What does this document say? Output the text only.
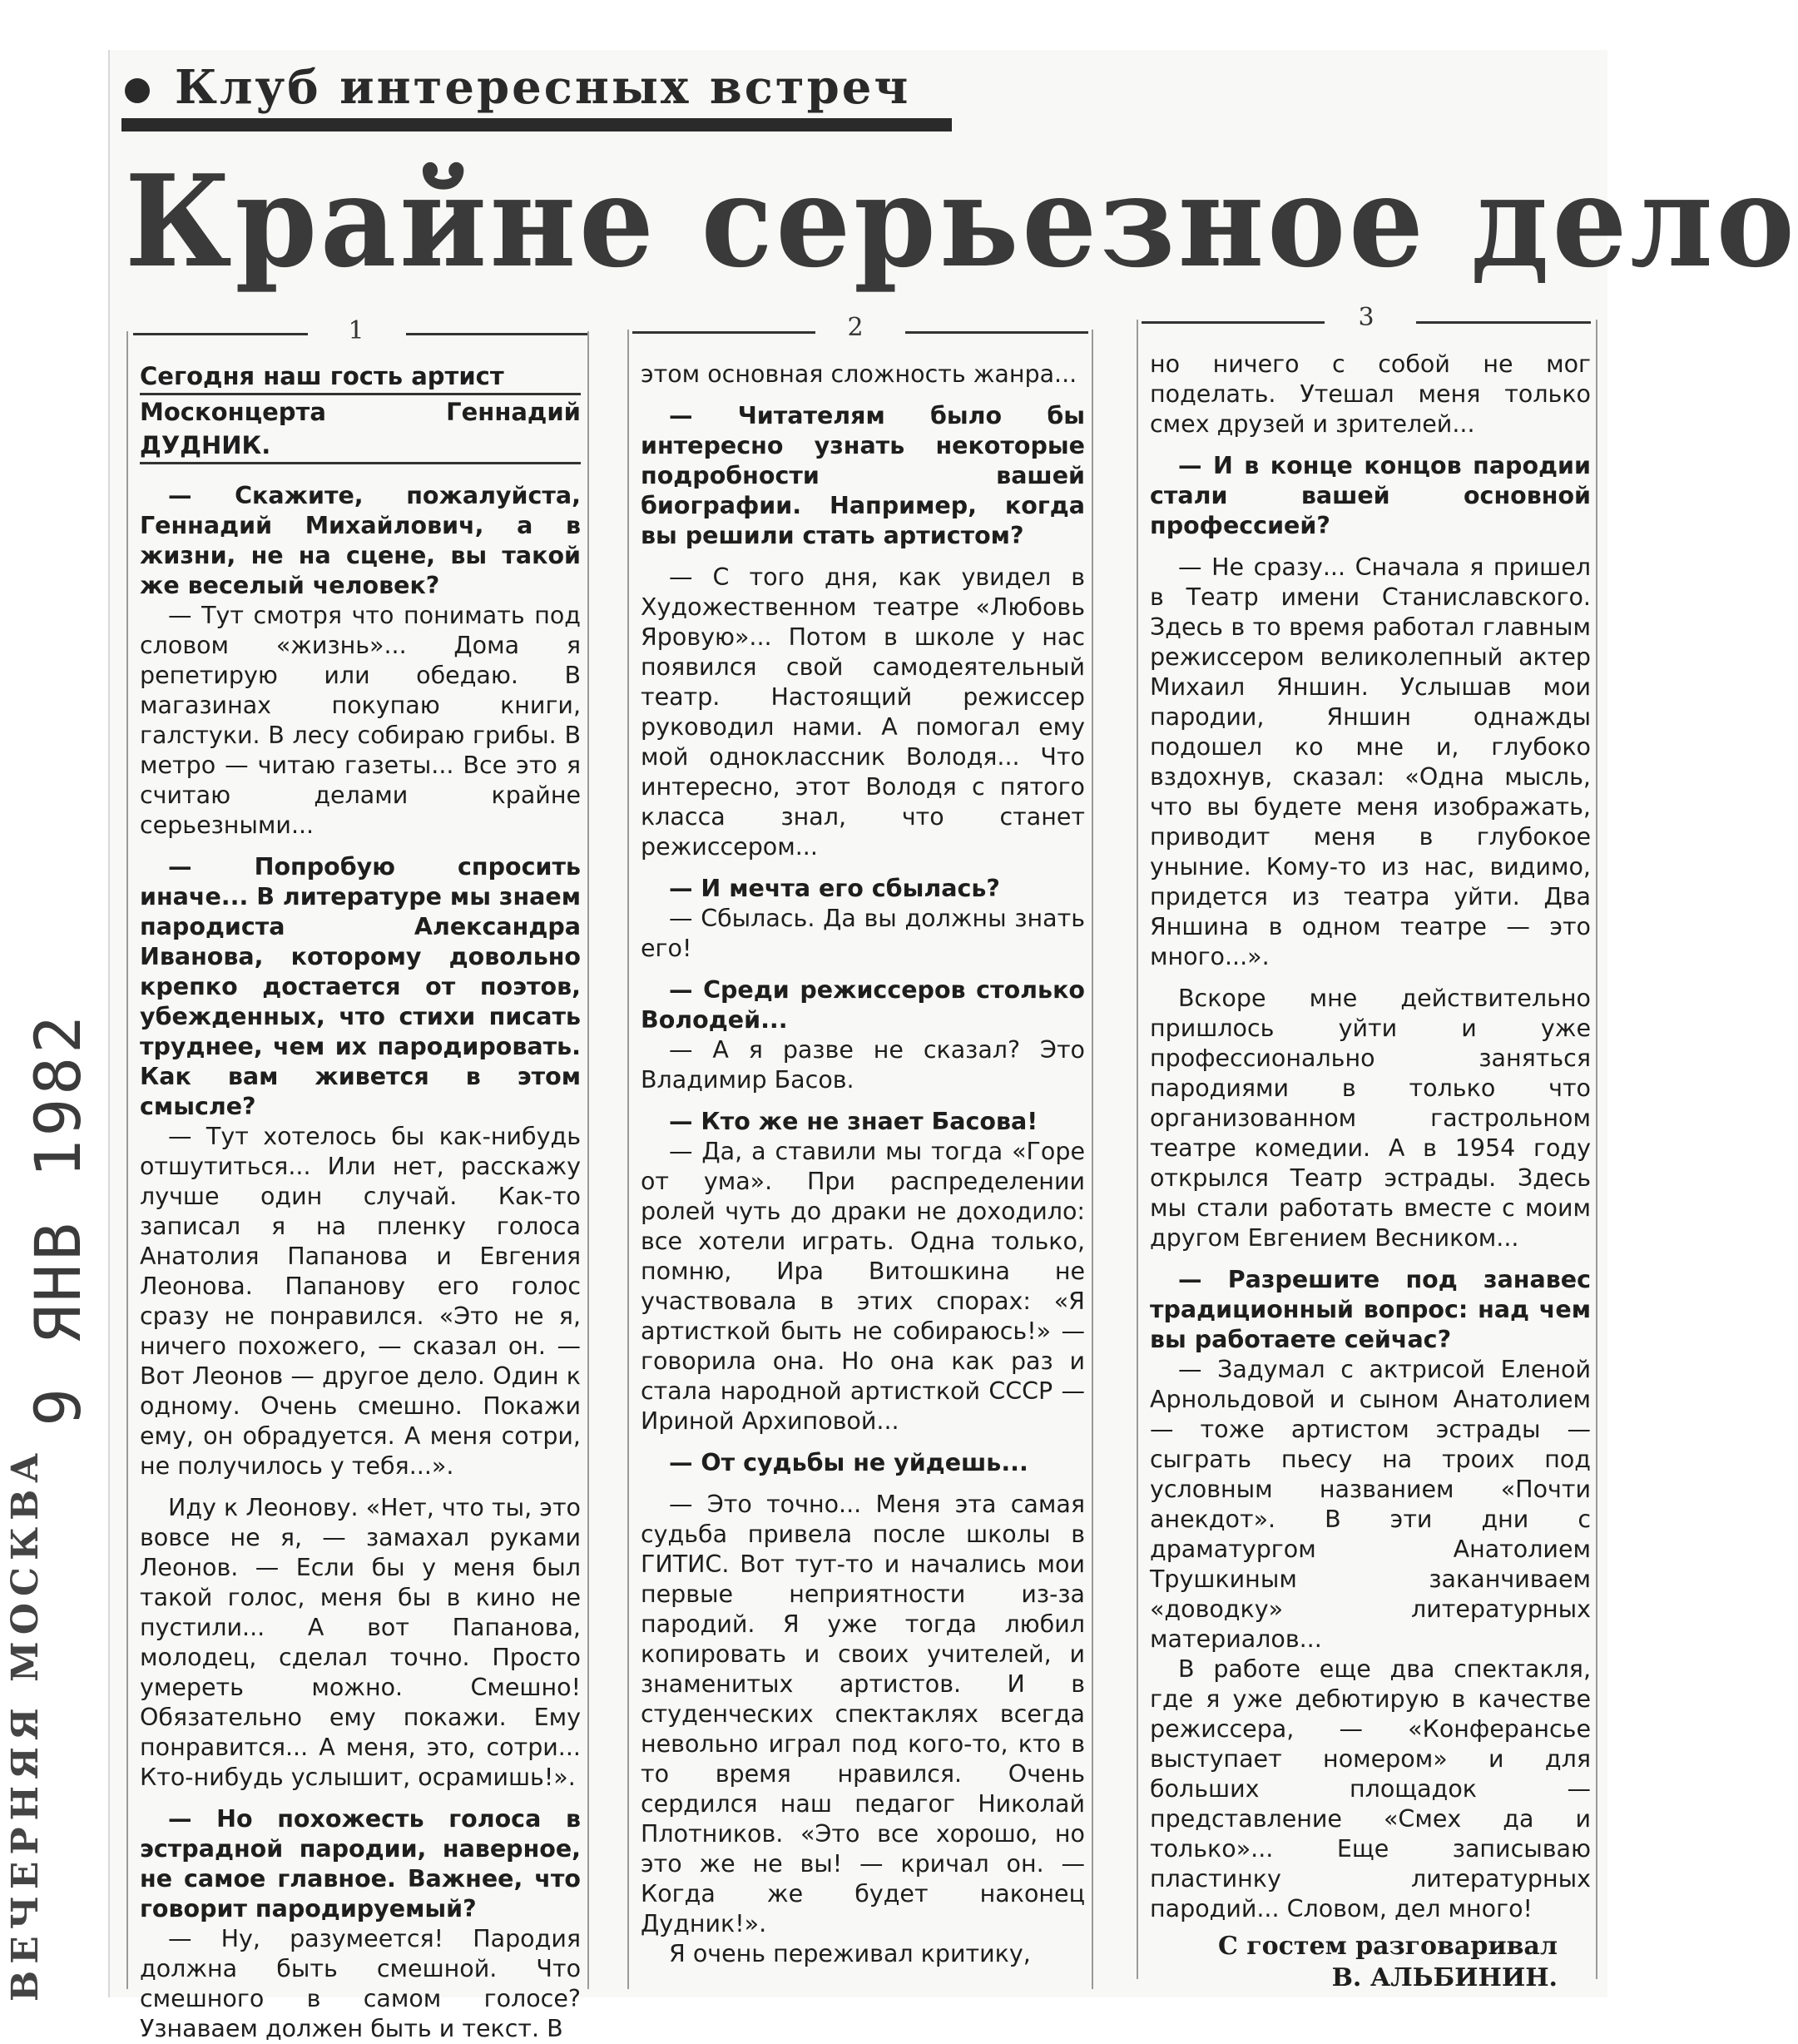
Клуб интересных встреч
Крайне серьезное дело
1
Сегодня наш гость артист
Москонцерта Геннадий ДУДНИК.

— Скажите, пожалуйста, Геннадий Михайлович, а в жизни, не на сцене, вы такой же веселый человек?

— Тут смотря что понимать под словом «жизнь»... Дома я репетирую или обедаю. В магазинах покупаю книги, галстуки. В лесу собираю грибы. В метро — читаю газеты... Все это я считаю делами крайне серьезными...

— Попробую спросить иначе... В литературе мы знаем пародиста Александра Иванова, которому довольно крепко достается от поэтов, убежденных, что стихи писать труднее, чем их пародировать. Как вам живется в этом смысле?

— Тут хотелось бы как-нибудь отшутиться... Или нет, расскажу лучше один случай. Как-то записал я на пленку голоса Анатолия Папанова и Евгения Леонова. Папанову его голос сразу не понравился. «Это не я, ничего похожего, — сказал он. — Вот Леонов — другое дело. Один к одному. Очень смешно. Покажи ему, он обрадуется. А меня сотри, не получилось у тебя...».

Иду к Леонову. «Нет, что ты, это вовсе не я, — замахал руками Леонов. — Если бы у меня был такой голос, меня бы в кино не пустили... А вот Папанова, молодец, сделал точно. Просто умереть можно. Смешно! Обязательно ему покажи. Ему понравится... А меня, это, сотри... Кто-нибудь услышит, осрамишь!».

— Но похожесть голоса в эстрадной пародии, наверное, не самое главное. Важнее, что говорит пародируемый?

— Ну, разумеется! Пародия должна быть смешной. Что смешного в самом голосе? Узнаваем должен быть и текст. В

2

этом основная сложность жанра...

— Читателям было бы интересно узнать некоторые подробности вашей биографии. Например, когда вы решили стать артистом?

— С того дня, как увидел в Художественном театре «Любовь Яровую»... Потом в школе у нас появился свой самодеятельный театр. Настоящий режиссер руководил нами. А помогал ему мой одноклассник Володя... Что интересно, этот Володя с пятого класса знал, что станет режиссером...

— И мечта его сбылась?

— Сбылась. Да вы должны знать его!

— Среди режиссеров столько Володей...

— А я разве не сказал? Это Владимир Басов.

— Кто же не знает Басова!

— Да, а ставили мы тогда «Горе от ума». При распределении ролей чуть до драки не доходило: все хотели играть. Одна только, помню, Ира Витошкина не участвовала в этих спорах: «Я артисткой быть не собираюсь!» — говорила она. Но она как раз и стала народной артисткой СССР — Ириной Архиповой...

— От судьбы не уйдешь...

— Это точно... Меня эта самая судьба привела после школы в ГИТИС. Вот тут-то и начались мои первые неприятности из-за пародий. Я уже тогда любил копировать и своих учителей, и знаменитых артистов. И в студенческих спектаклях всегда невольно играл под кого-то, кто в то время нравился. Очень сердился наш педагог Николай Плотников. «Это все хорошо, но это же не вы! — кричал он. — Когда же будет наконец Дудник!».

Я очень переживал критику,

3

но ничего с собой не мог поделать. Утешал меня только смех друзей и зрителей...

— И в конце концов пародии стали вашей основной профессией?

— Не сразу... Сначала я пришел в Театр имени Станиславского. Здесь в то время работал главным режиссером великолепный актер Михаил Яншин. Услышав мои пародии, Яншин однажды подошел ко мне и, глубоко вздохнув, сказал: «Одна мысль, что вы будете меня изображать, приводит меня в глубокое уныние. Кому-то из нас, видимо, придется из театра уйти. Два Яншина в одном театре — это много...».

Вскоре мне действительно пришлось уйти и уже профессионально заняться пародиями в только что организованном гастрольном театре комедии. А в 1954 году открылся Театр эстрады. Здесь мы стали работать вместе с моим другом Евгением Весником...

— Разрешите под занавес традиционный вопрос: над чем вы работаете сейчас?

— Задумал с актрисой Еленой Арнольдовой и сыном Анатолием — тоже артистом эстрады — сыграть пьесу на троих под условным названием «Почти анекдот». В эти дни с драматургом Анатолием Трушкиным заканчиваем «доводку» литературных материалов...

В работе еще два спектакля, где я уже дебютирую в качестве режиссера, — «Конферансье выступает номером» и для больших площадок — представление «Смех да и только»... Еще записываю пластинку литературных пародий... Словом, дел много!

С гостем разговаривал
В. АЛЬБИНИН.
9 ЯНВ 1982
ВЕЧЕРНЯЯ МОСКВА
